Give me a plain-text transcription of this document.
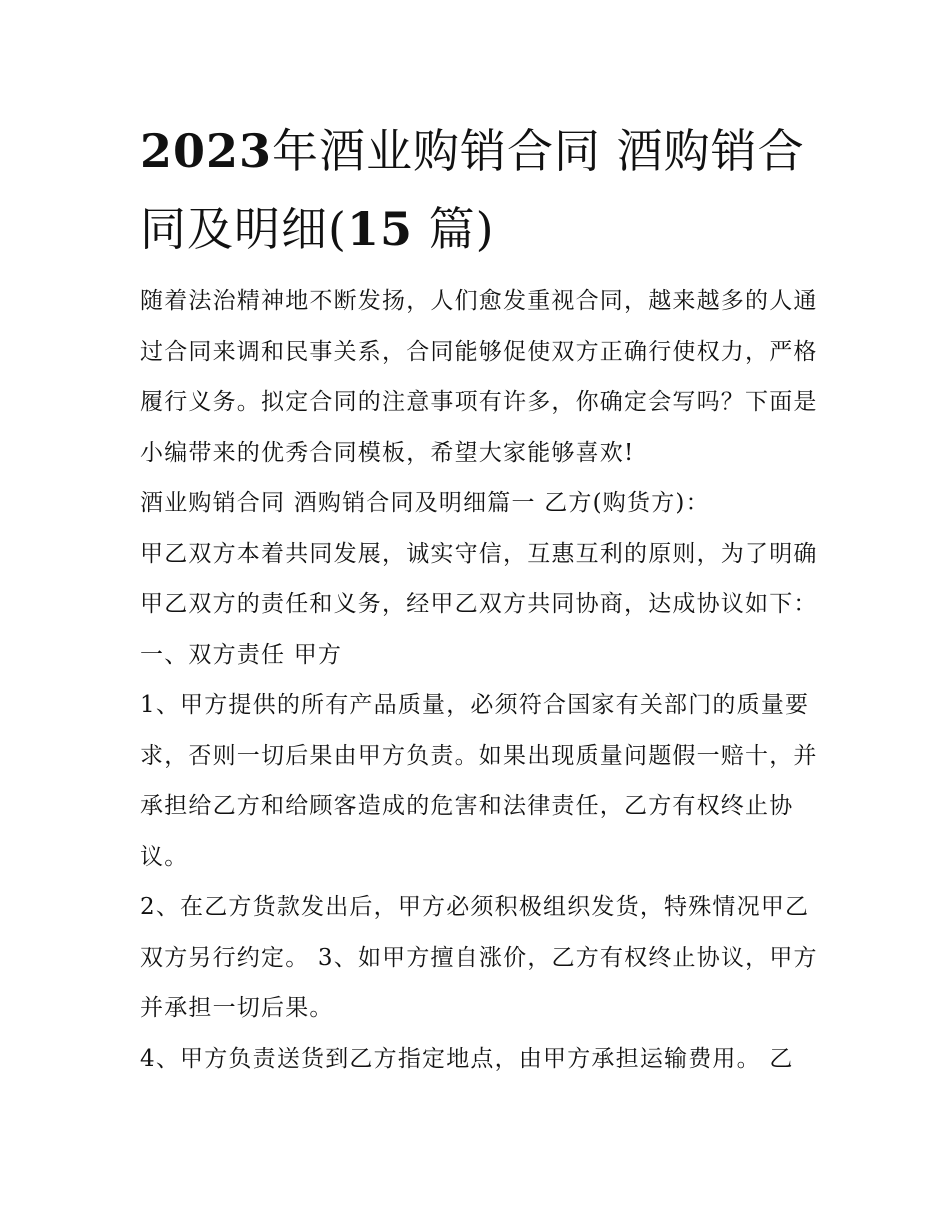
2023年酒业购销合同 酒购销合同及明细(15 篇)

随着法治精神地不断发扬，人们愈发重视合同，越来越多的人通过合同来调和民事关系，合同能够促使双方正确行使权力，严格履行义务。拟定合同的注意事项有许多，你确定会写吗？下面是小编带来的优秀合同模板，希望大家能够喜欢!

酒业购销合同 酒购销合同及明细篇一 乙方(购货方)：

甲乙双方本着共同发展，诚实守信，互惠互利的原则，为了明确甲乙双方的责任和义务，经甲乙双方共同协商，达成协议如下： 一、双方责任 甲方

1、甲方提供的所有产品质量，必须符合国家有关部门的质量要求，否则一切后果由甲方负责。如果出现质量问题假一赔十，并承担给乙方和给顾客造成的危害和法律责任，乙方有权终止协议。

2、在乙方货款发出后，甲方必须积极组织发货，特殊情况甲乙双方另行约定。 3、如甲方擅自涨价，乙方有权终止协议，甲方并承担一切后果。

4、甲方负责送货到乙方指定地点，由甲方承担运输费用。 乙
